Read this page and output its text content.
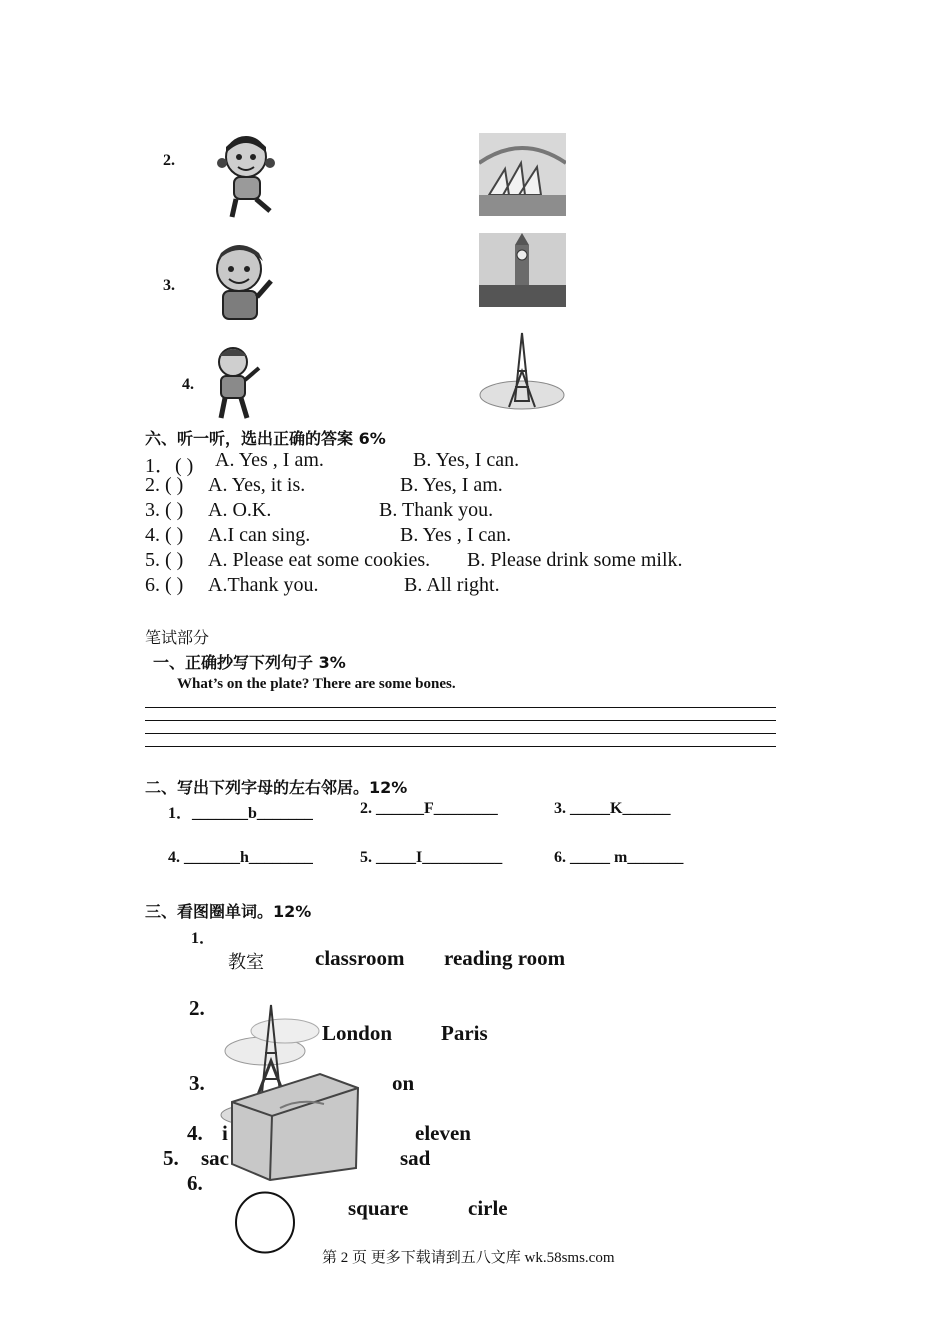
2.
3.
4.
六、听一听，选出正确的答案 6%
1．( ) A. Yes , I am.	B. Yes, I can.
2. ( ) A. Yes, it is.	B. Yes, I am.
3. ( ) A. O.K.	B. Thank you.
4. ( ) A.I can sing.	B. Yes , I can.
5. ( ) A. Please eat some cookies. B. Please drink some milk.
6. ( ) A.Thank you.	B. All right.
笔试部分
一、正确抄写下列句子 3%
What’s on the plate? There are some bones.
二、写出下列字母的左右邻居。12%
1．_______b_______	2. ______F________	3. _____K______
4. _______h________	5. _____I__________	6. _____ m_______
三、看图圈单词。12%
1．
教室 classroom reading room
2.
London Paris
3.	on
4. i	eleven
5. sac	sad
6.
square	cirle
第 2 页 更多下载请到五八文库 wk.58sms.com
